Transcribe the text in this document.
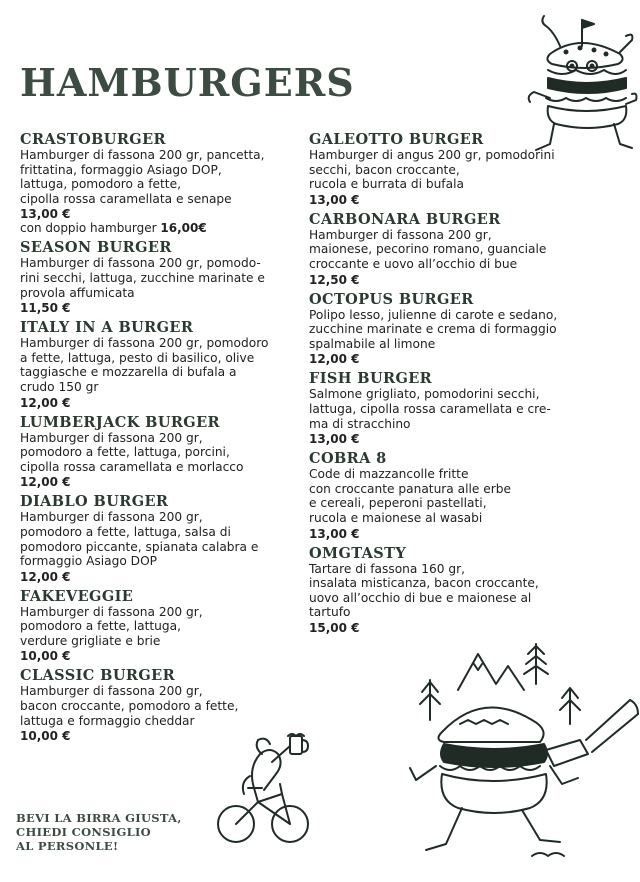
HAMBURGERS
CRASTOBURGER

Hamburger di fassona 200 gr, pancetta,
frittatina, formaggio Asiago DOP,
lattuga, pomodoro a fette,
cipolla rossa caramellata e senape

13,00 €

con doppio hamburger 16,00€

SEASON BURGER

Hamburger di fassona 200 gr, pomodo-
rini secchi, lattuga, zucchine marinate e
provola affumicata

11,50 €

ITALY IN A BURGER

Hamburger di fassona 200 gr, pomodoro
a fette, lattuga, pesto di basilico, olive
taggiasche e mozzarella di bufala a
crudo 150 gr

12,00 €

LUMBERJACK BURGER

Hamburger di fassona 200 gr,
pomodoro a fette, lattuga, porcini,
cipolla rossa caramellata e morlacco

12,00 €

DIABLO BURGER

Hamburger di fassona 200 gr,
pomodoro a fette, lattuga, salsa di
pomodoro piccante, spianata calabra e
formaggio Asiago DOP

12,00 €

FAKEVEGGIE

Hamburger di fassona 200 gr,
pomodoro a fette, lattuga,
verdure grigliate e brie

10,00 €

CLASSIC BURGER

Hamburger di fassona 200 gr,
bacon croccante, pomodoro a fette,
lattuga e formaggio cheddar

10,00 €

GALEOTTO BURGER

Hamburger di angus 200 gr, pomodorini
secchi, bacon croccante,
rucola e burrata di bufala

13,00 €

CARBONARA BURGER

Hamburger di fassona 200 gr,
maionese, pecorino romano, guanciale
croccante e uovo all’occhio di bue

12,50 €

OCTOPUS BURGER

Polipo lesso, julienne di carote e sedano,
zucchine marinate e crema di formaggio
spalmabile al limone

12,00 €

FISH BURGER

Salmone grigliato, pomodorini secchi,
lattuga, cipolla rossa caramellata e cre-
ma di stracchino

13,00 €

COBRA 8

Code di mazzancolle fritte
con croccante panatura alle erbe
e cereali, peperoni pastellati,
rucola e maionese al wasabi

13,00 €

OMGTASTY

Tartare di fassona 160 gr,
insalata misticanza, bacon croccante,
uovo all’occhio di bue e maionese al
tartufo

15,00 €

BEVI LA BIRRA GIUSTA,
CHIEDI CONSIGLIO
AL PERSONLE!
